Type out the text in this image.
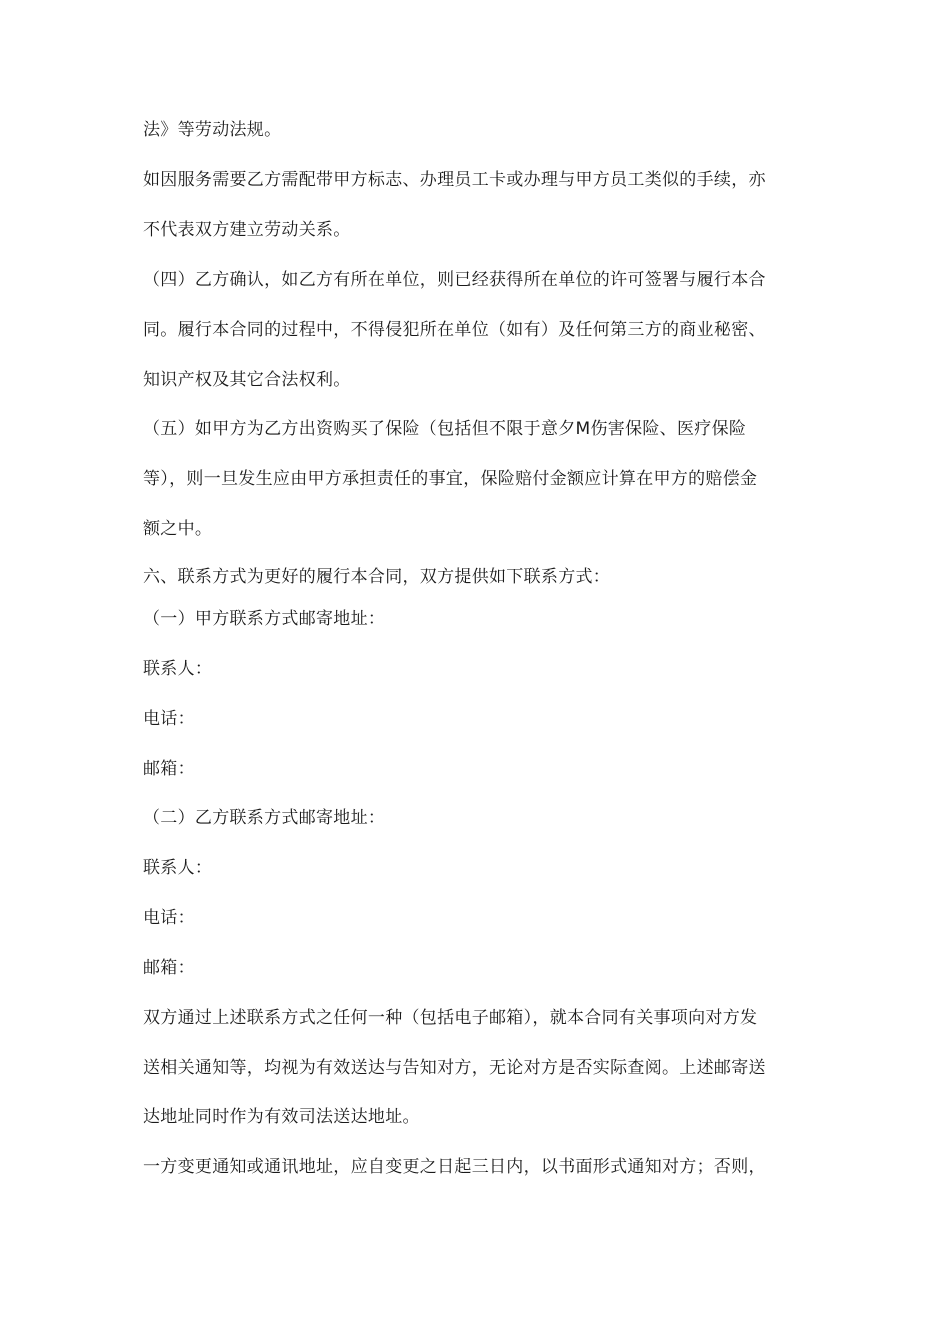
法》等劳动法规。
如因服务需要乙方需配带甲方标志、办理员工卡或办理与甲方员工类似的手续，亦
不代表双方建立劳动关系。
（四）乙方确认，如乙方有所在单位，则已经获得所在单位的许可签署与履行本合
同。履行本合同的过程中，不得侵犯所在单位（如有）及任何第三方的商业秘密、
知识产权及其它合法权利。
（五）如甲方为乙方出资购买了保险（包括但不限于意夕M伤害保险、医疗保险
等），则一旦发生应由甲方承担责任的事宜，保险赔付金额应计算在甲方的赔偿金
额之中。
六、联系方式为更好的履行本合同，双方提供如下联系方式：
（一）甲方联系方式邮寄地址：
联系人：
电话：
邮箱：
（二）乙方联系方式邮寄地址：
联系人：
电话：
邮箱：
双方通过上述联系方式之任何一种（包括电子邮箱），就本合同有关事项向对方发
送相关通知等，均视为有效送达与告知对方，无论对方是否实际查阅。上述邮寄送
达地址同时作为有效司法送达地址。
一方变更通知或通讯地址，应自变更之日起三日内，以书面形式通知对方；否则，
